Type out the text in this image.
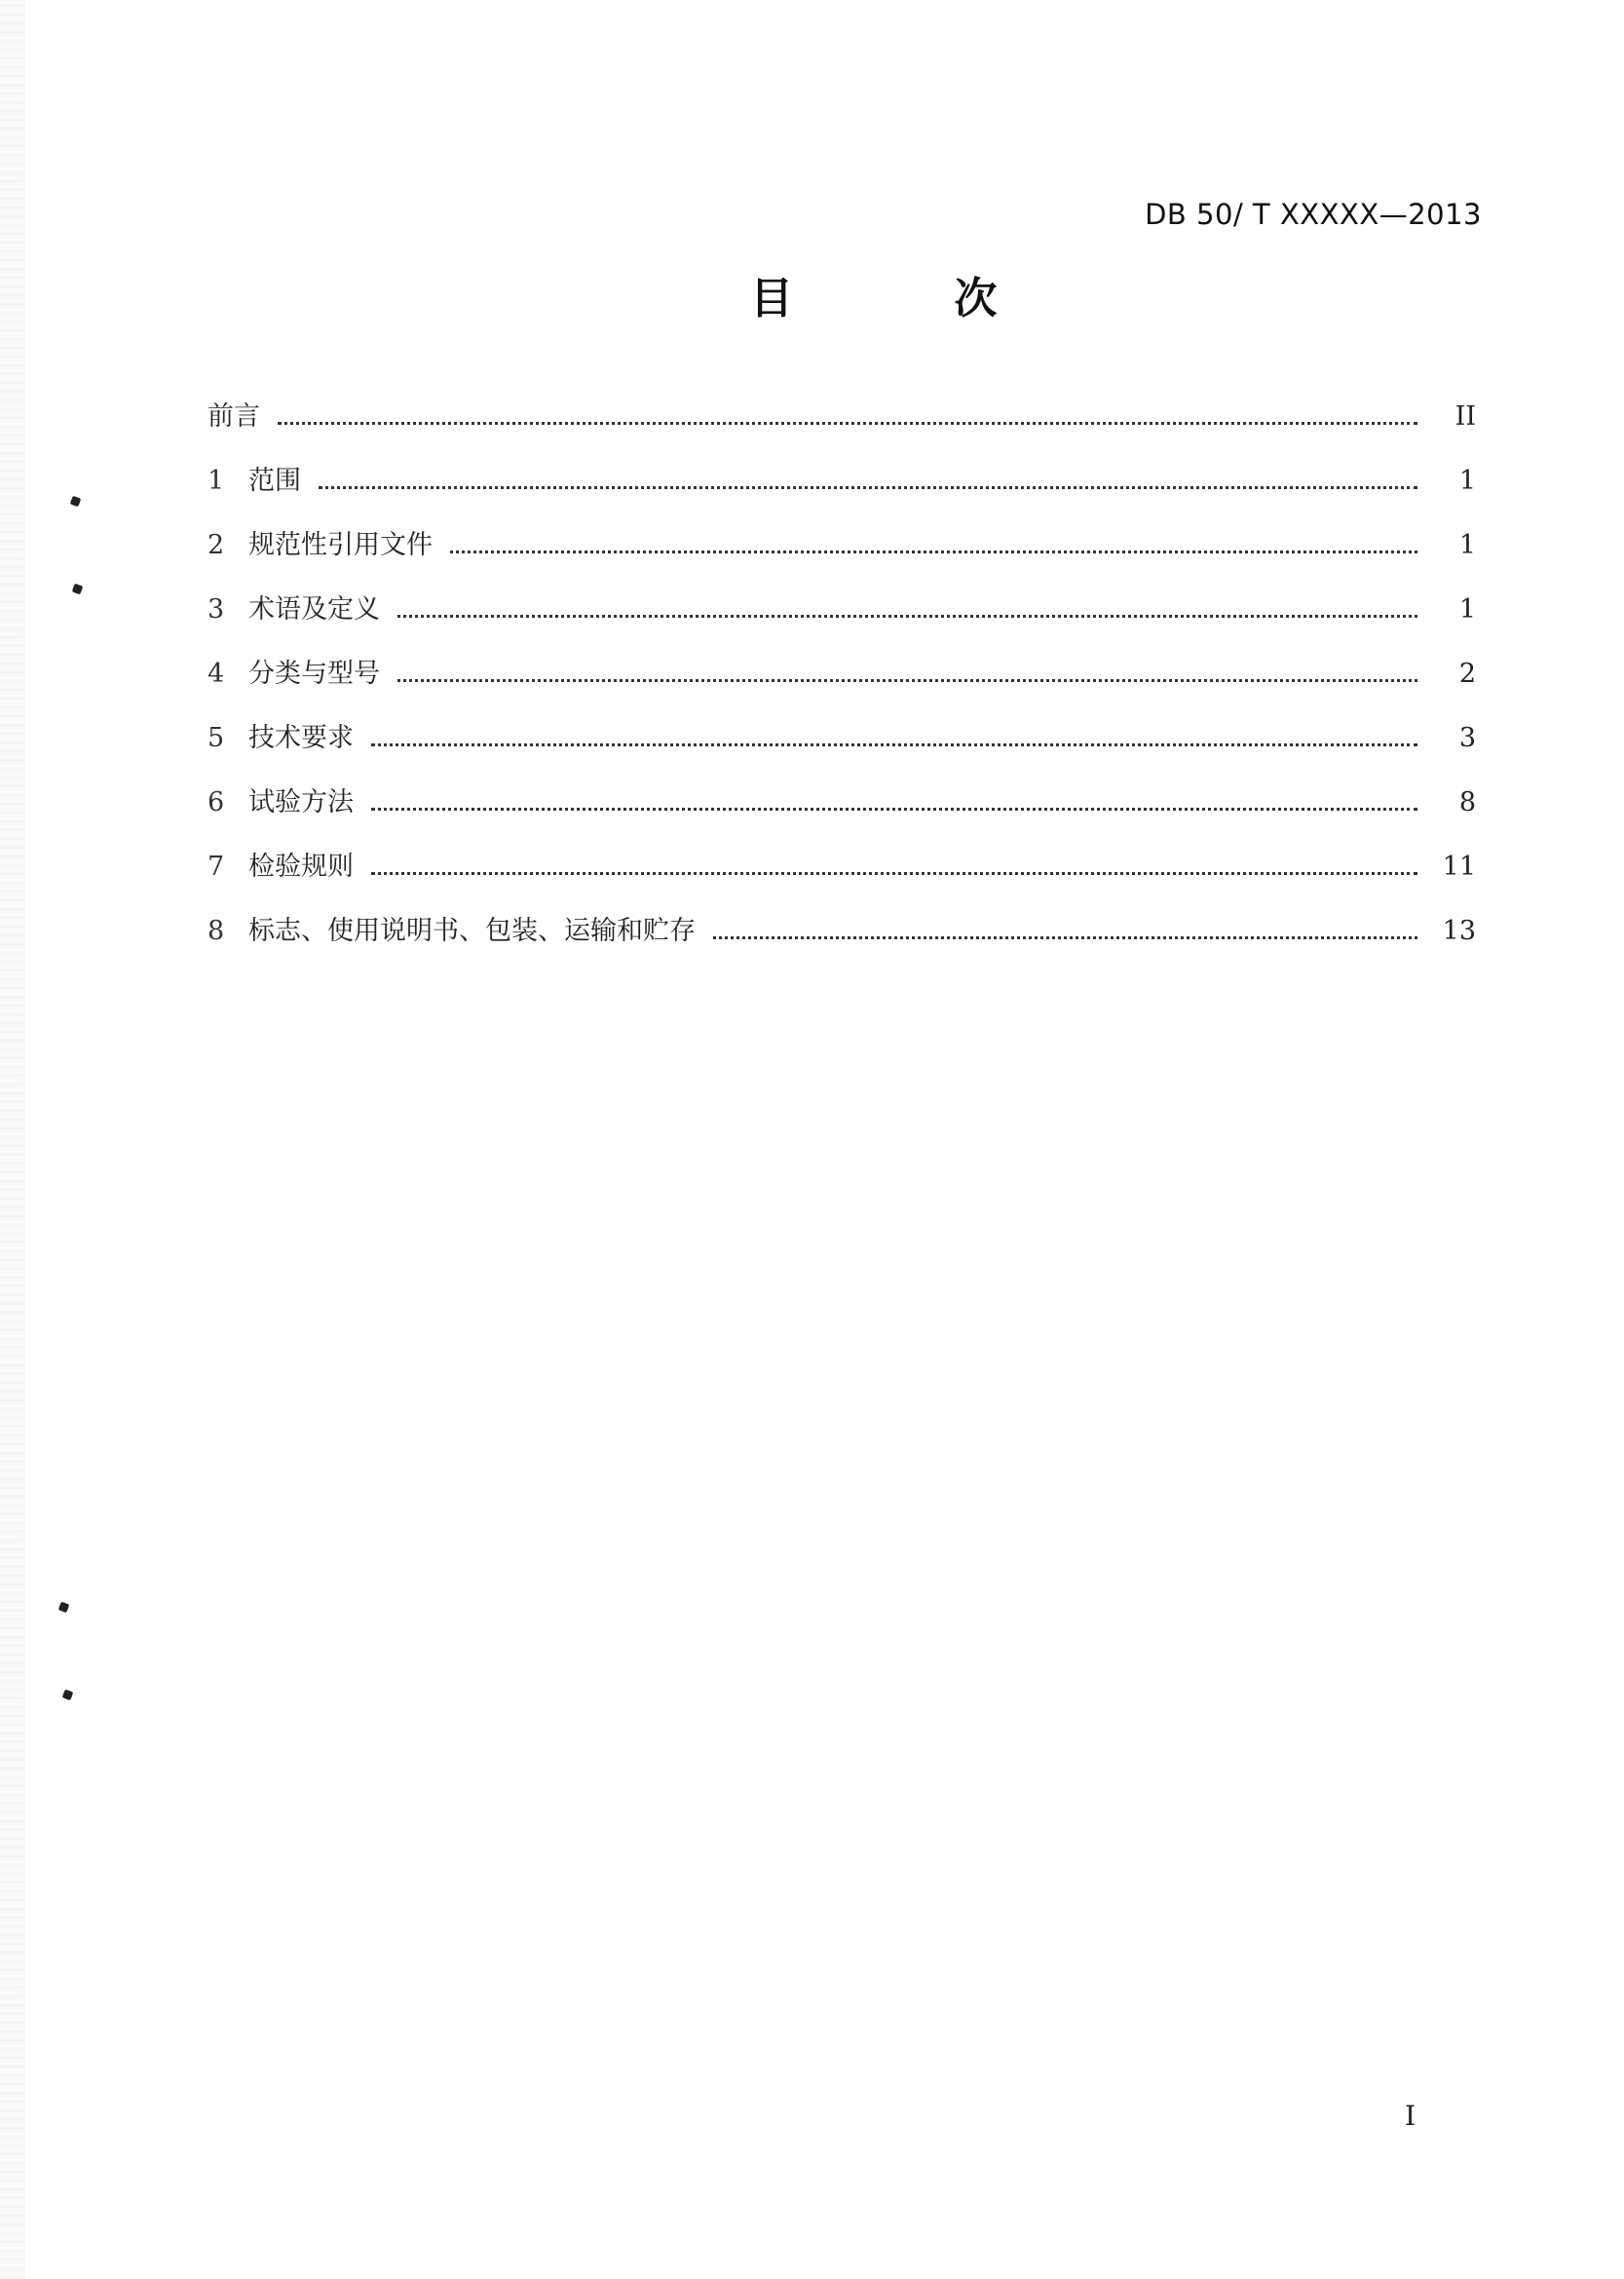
DB 50/ T XXXXX—2013
目 次
前言	II
1 范围	1
2 规范性引用文件	1
3 术语及定义	1
4 分类与型号	2
5 技术要求	3
6 试验方法	8
7 检验规则	11
8 标志、使用说明书、包装、运输和贮存	13
I
